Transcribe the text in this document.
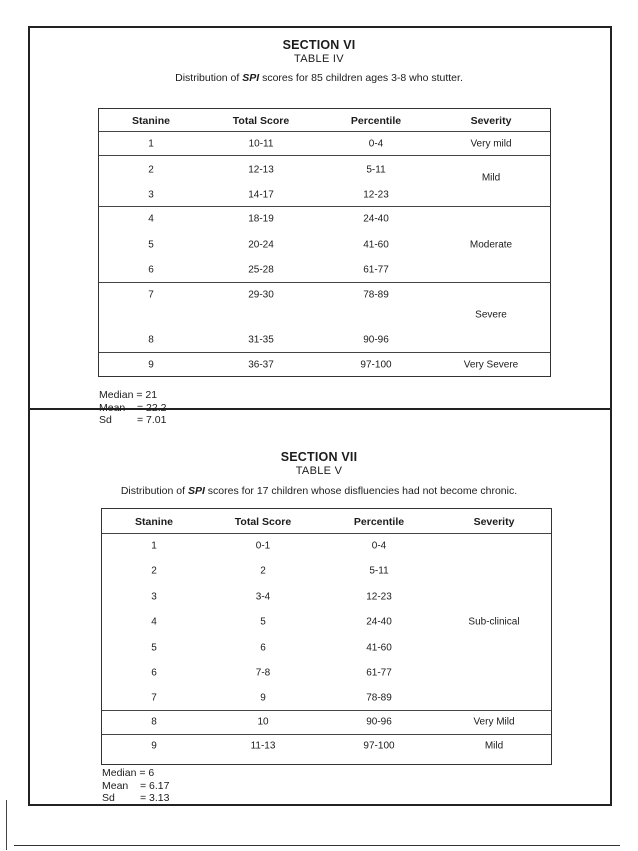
SECTION VI
TABLE IV
Distribution of SPI scores for 85 children ages 3-8 who stutter.
Stanine	Total Score	Percentile	Severity
1	10-11	0-4	Very mild
2	12-13	5-11
3	14-17	12-23
Mild
4	18-19	24-40
5	20-24	41-60	Moderate
6	25-28	61-77
7	29-30	78-89
Severe
8	31-35	90-96
9	36-37	97-100	Very Severe
Median = 21
Mean = 22.2
Sd = 7.01
SECTION VII
TABLE V
Distribution of SPI scores for 17 children whose disfluencies had not become chronic.
Stanine	Total Score	Percentile	Severity
1	0-1	0-4
2	2	5-11
3	3-4	12-23
4	5	24-40	Sub-clinical
5	6	41-60
6	7-8	61-77
7	9	78-89
8	10	90-96	Very Mild
9	11-13	97-100	Mild
Median = 6
Mean = 6.17
Sd = 3.13
